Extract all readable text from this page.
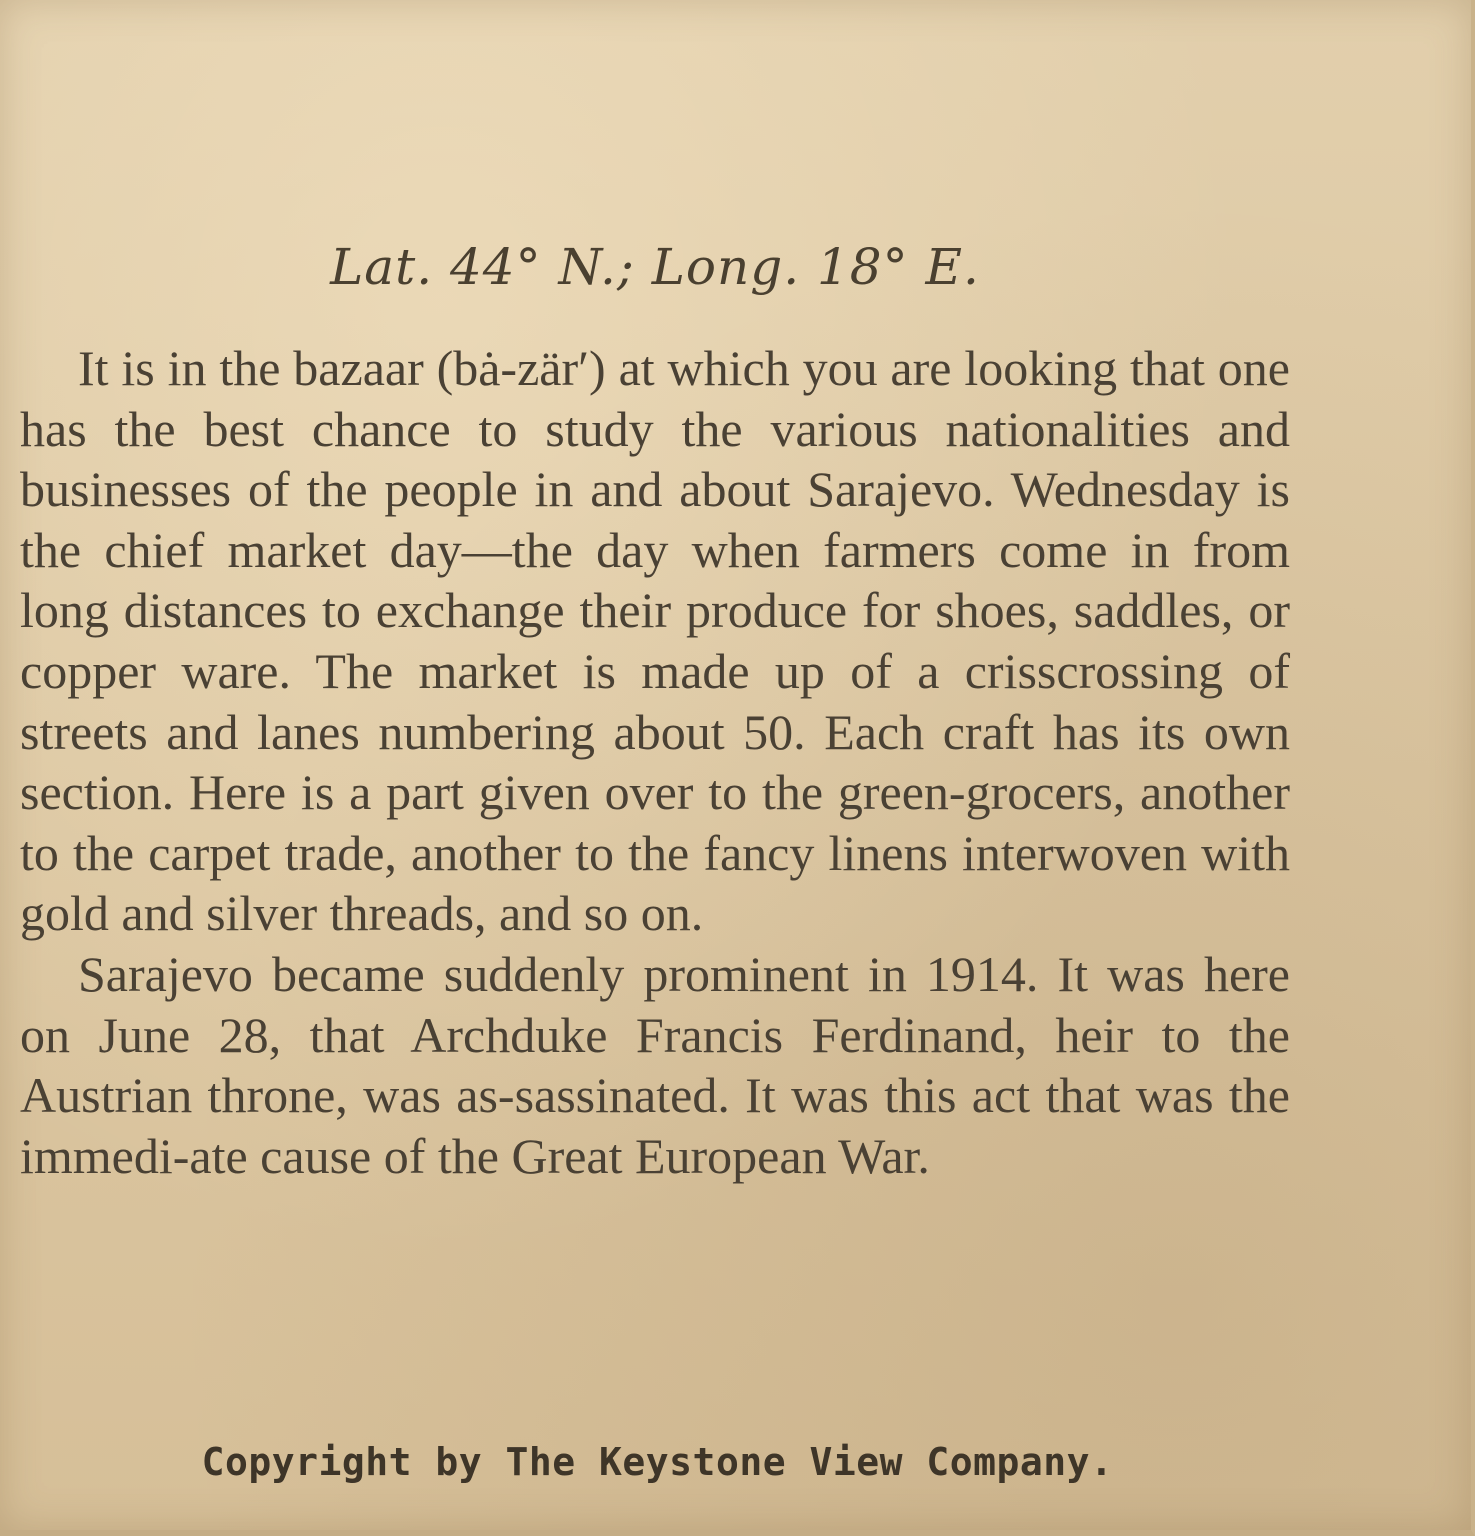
Lat. 44° N.; Long. 18° E.

It is in the bazaar (bȧ-zär′) at which you are looking that one has the best chance to study the various nationalities and businesses of the people in and about Sarajevo. Wednesday is the chief market day—the day when farmers come in from long distances to exchange their produce for shoes, saddles, or copper ware. The market is made up of a crisscrossing of streets and lanes numbering about 50. Each craft has its own section. Here is a part given over to the green-grocers, another to the carpet trade, another to the fancy linens interwoven with gold and silver threads, and so on.

Sarajevo became suddenly prominent in 1914. It was here on June 28, that Archduke Francis Ferdinand, heir to the Austrian throne, was as-sassinated. It was this act that was the immedi-ate cause of the Great European War.

Copyright by The Keystone View Company.
